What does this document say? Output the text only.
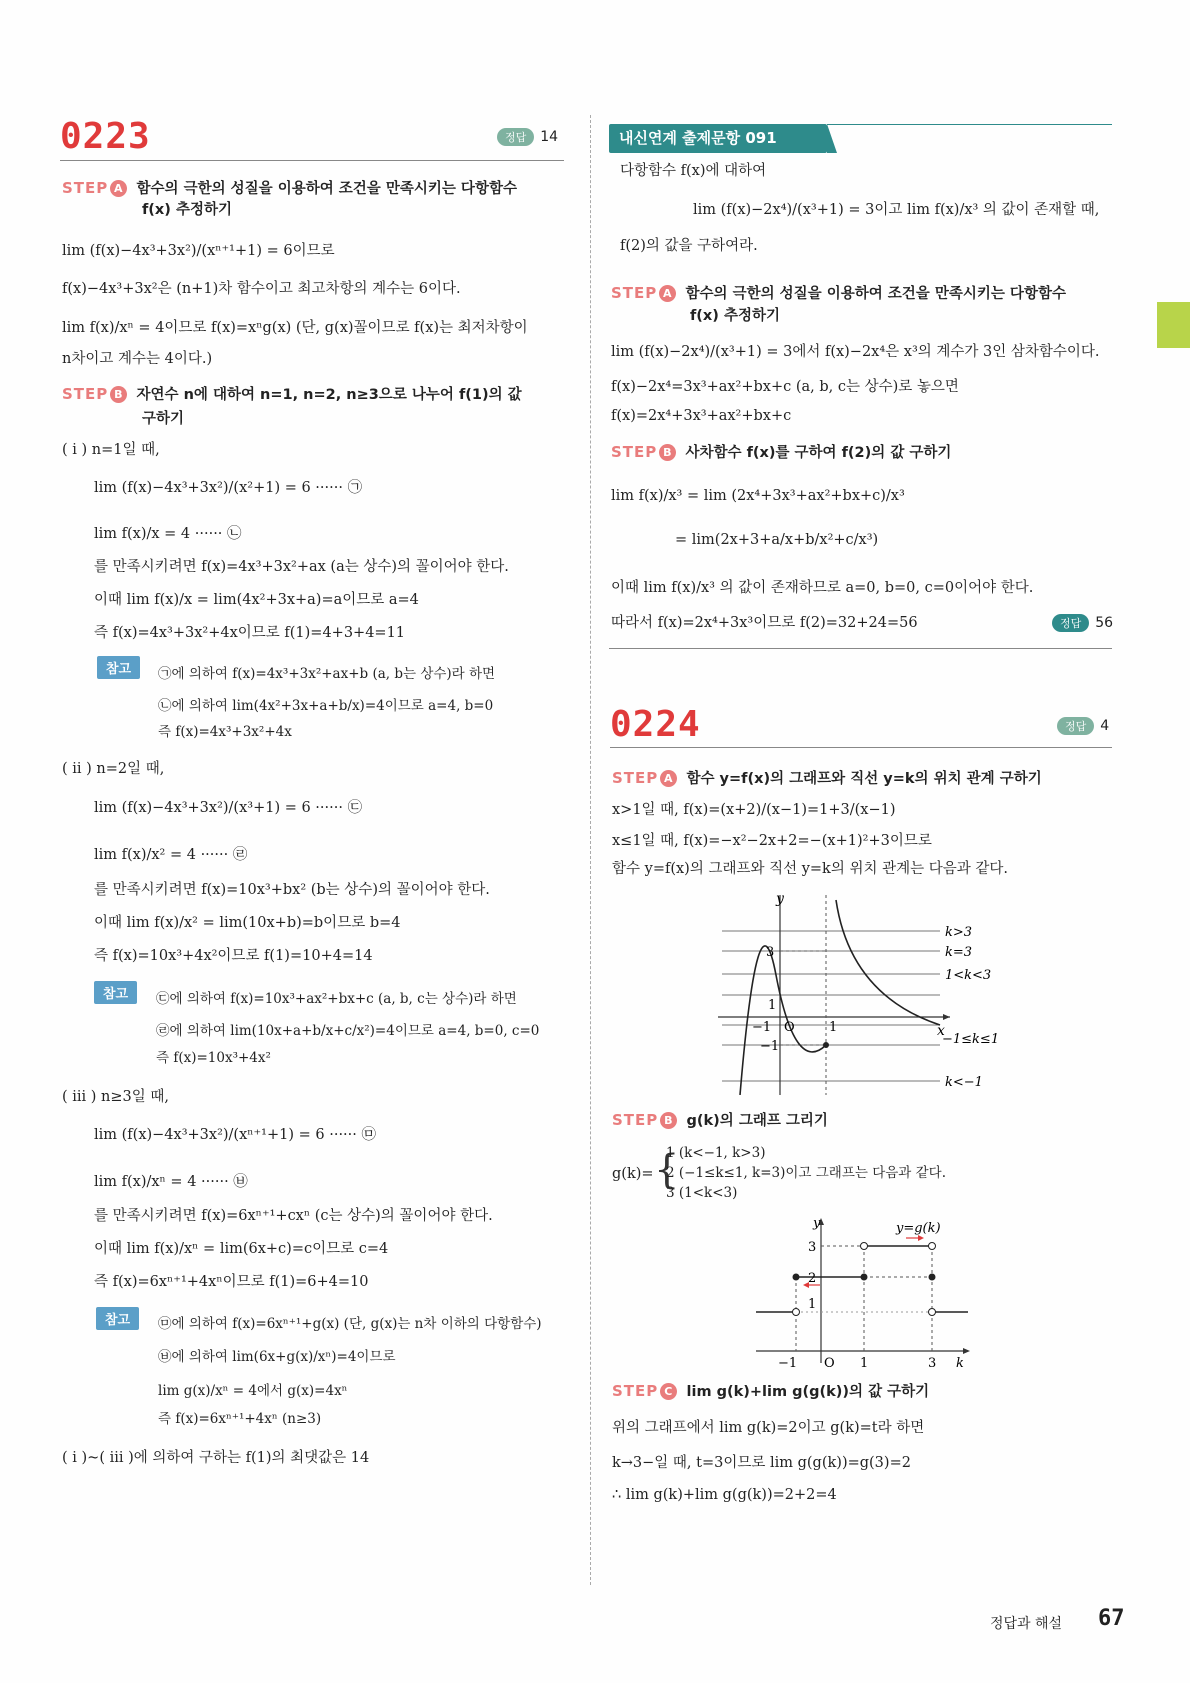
0223	정답	14
STEP A 함수의 극한의 성질을 이용하여 조건을 만족시키는 다항함수
f(x) 추정하기
lim (f(x)−4x³+3x²)/(xⁿ⁺¹+1) = 6이므로
f(x)−4x³+3x²은 (n+1)차 함수이고 최고차항의 계수는 6이다.
lim f(x)/xⁿ = 4이므로 f(x)=xⁿg(x) (단, g(x)꼴이므로 f(x)는 최저차항이
n차이고 계수는 4이다.)
STEP B 자연수 n에 대하여 n=1, n=2, n≥3으로 나누어 f(1)의 값
구하기
( i ) n=1일 때,
lim (f(x)−4x³+3x²)/(x²+1) = 6 ······ ㉠
lim f(x)/x = 4 ······ ㉡
를 만족시키려면 f(x)=4x³+3x²+ax (a는 상수)의 꼴이어야 한다.
이때 lim f(x)/x = lim(4x²+3x+a)=a이므로 a=4
즉 f(x)=4x³+3x²+4x이므로 f(1)=4+3+4=11
참고	㉠에 의하여 f(x)=4x³+3x²+ax+b (a, b는 상수)라 하면
㉡에 의하여 lim(4x²+3x+a+b/x)=4이므로 a=4, b=0
즉 f(x)=4x³+3x²+4x
( ii ) n=2일 때,
lim (f(x)−4x³+3x²)/(x³+1) = 6 ······ ㉢
lim f(x)/x² = 4 ······ ㉣
를 만족시키려면 f(x)=10x³+bx² (b는 상수)의 꼴이어야 한다.
이때 lim f(x)/x² = lim(10x+b)=b이므로 b=4
즉 f(x)=10x³+4x²이므로 f(1)=10+4=14
참고	㉢에 의하여 f(x)=10x³+ax²+bx+c (a, b, c는 상수)라 하면
㉣에 의하여 lim(10x+a+b/x+c/x²)=4이므로 a=4, b=0, c=0
즉 f(x)=10x³+4x²
( iii ) n≥3일 때,
lim (f(x)−4x³+3x²)/(xⁿ⁺¹+1) = 6 ······ ㉤
lim f(x)/xⁿ = 4 ······ ㉥
를 만족시키려면 f(x)=6xⁿ⁺¹+cxⁿ (c는 상수)의 꼴이어야 한다.
이때 lim f(x)/xⁿ = lim(6x+c)=c이므로 c=4
즉 f(x)=6xⁿ⁺¹+4xⁿ이므로 f(1)=6+4=10
참고	㉤에 의하여 f(x)=6xⁿ⁺¹+g(x) (단, g(x)는 n차 이하의 다항함수)
㉥에 의하여 lim(6x+g(x)/xⁿ)=4이므로
lim g(x)/xⁿ = 4에서 g(x)=4xⁿ
즉 f(x)=6xⁿ⁺¹+4xⁿ (n≥3)
( i )~( iii )에 의하여 구하는 f(1)의 최댓값은 14
내신연계 출제문항 091
다항함수 f(x)에 대하여
lim (f(x)−2x⁴)/(x³+1) = 3이고 lim f(x)/x³ 의 값이 존재할 때,
f(2)의 값을 구하여라.
STEP A 함수의 극한의 성질을 이용하여 조건을 만족시키는 다항함수
f(x) 추정하기
lim (f(x)−2x⁴)/(x³+1) = 3에서 f(x)−2x⁴은 x³의 계수가 3인 삼차함수이다.
f(x)−2x⁴=3x³+ax²+bx+c (a, b, c는 상수)로 놓으면
f(x)=2x⁴+3x³+ax²+bx+c
STEP B 사차함수 f(x)를 구하여 f(2)의 값 구하기
lim f(x)/x³ = lim (2x⁴+3x³+ax²+bx+c)/x³
= lim(2x+3+a/x+b/x²+c/x³)
이때 lim f(x)/x³ 의 값이 존재하므로 a=0, b=0, c=0이어야 한다.
따라서 f(x)=2x⁴+3x³이므로 f(2)=32+24=56	정답	56
0224	정답	4
STEP A 함수 y=f(x)의 그래프와 직선 y=k의 위치 관계 구하기
x>1일 때, f(x)=(x+2)/(x−1)=1+3/(x−1)
x≤1일 때, f(x)=−x²−2x+2=−(x+1)²+3이므로
함수 y=f(x)의 그래프와 직선 y=k의 위치 관계는 다음과 같다.
y
x
3
1
−1
−1 O	1
k>3
k=3
1<k<3
−1≤k≤1
k<−1
STEP B g(k)의 그래프 그리기
g(k)= {
1 (k<−1, k>3)
2 (−1≤k≤1, k=3)이고 그래프는 다음과 같다.
3 (1<k<3)
y
k
y=g(k)
3
2
1
−1 O 1	3
STEP C lim g(k)+lim g(g(k))의 값 구하기
위의 그래프에서 lim g(k)=2이고 g(k)=t라 하면
k→3−일 때, t=3이므로 lim g(g(k))=g(3)=2
∴ lim g(k)+lim g(g(k))=2+2=4
정답과 해설 67
